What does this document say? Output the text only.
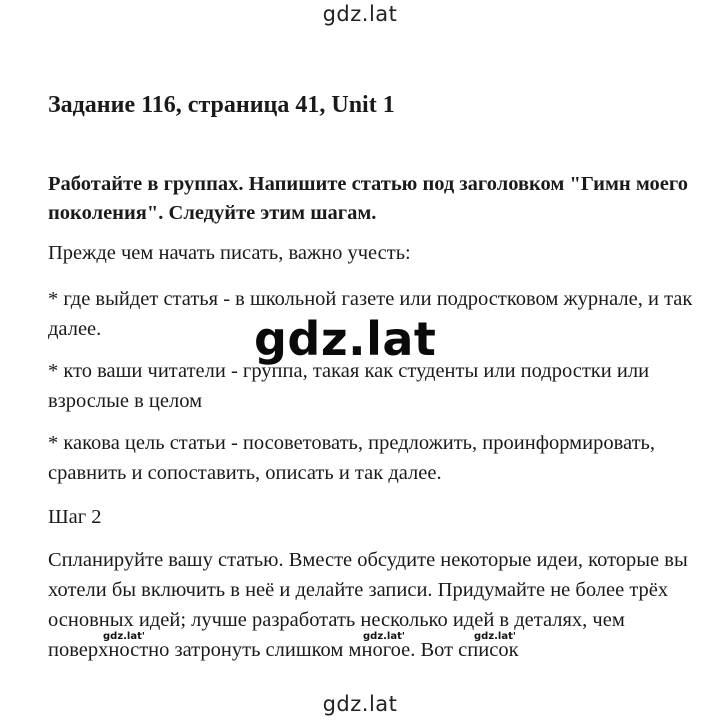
gdz.lat
Задание 116, страница 41, Unit 1

Работайте в группах. Напишите статью под заголовком "Гимн моего поколения". Следуйте этим шагам.

Прежде чем начать писать, важно учесть:

* где выйдет статья - в школьной газете или подростковом журнале, и так далее.

* кто ваши читатели - группа, такая как студенты или подростки или взрослые в целом

* какова цель статьи - посоветовать, предложить, проинформировать, сравнить и сопоставить, описать и так далее.

Шаг 2

Спланируйте вашу статью. Вместе обсудите некоторые идеи, которые вы хотели бы включить в неё и делайте записи. Придумайте не более трёх основных идей; лучше разработать несколько идей в деталях, чем поверхностно затронуть слишком многое. Вот список

gdz.lat
gdz.lat'	gdz.lat'	gdz.lat'
gdz.lat
